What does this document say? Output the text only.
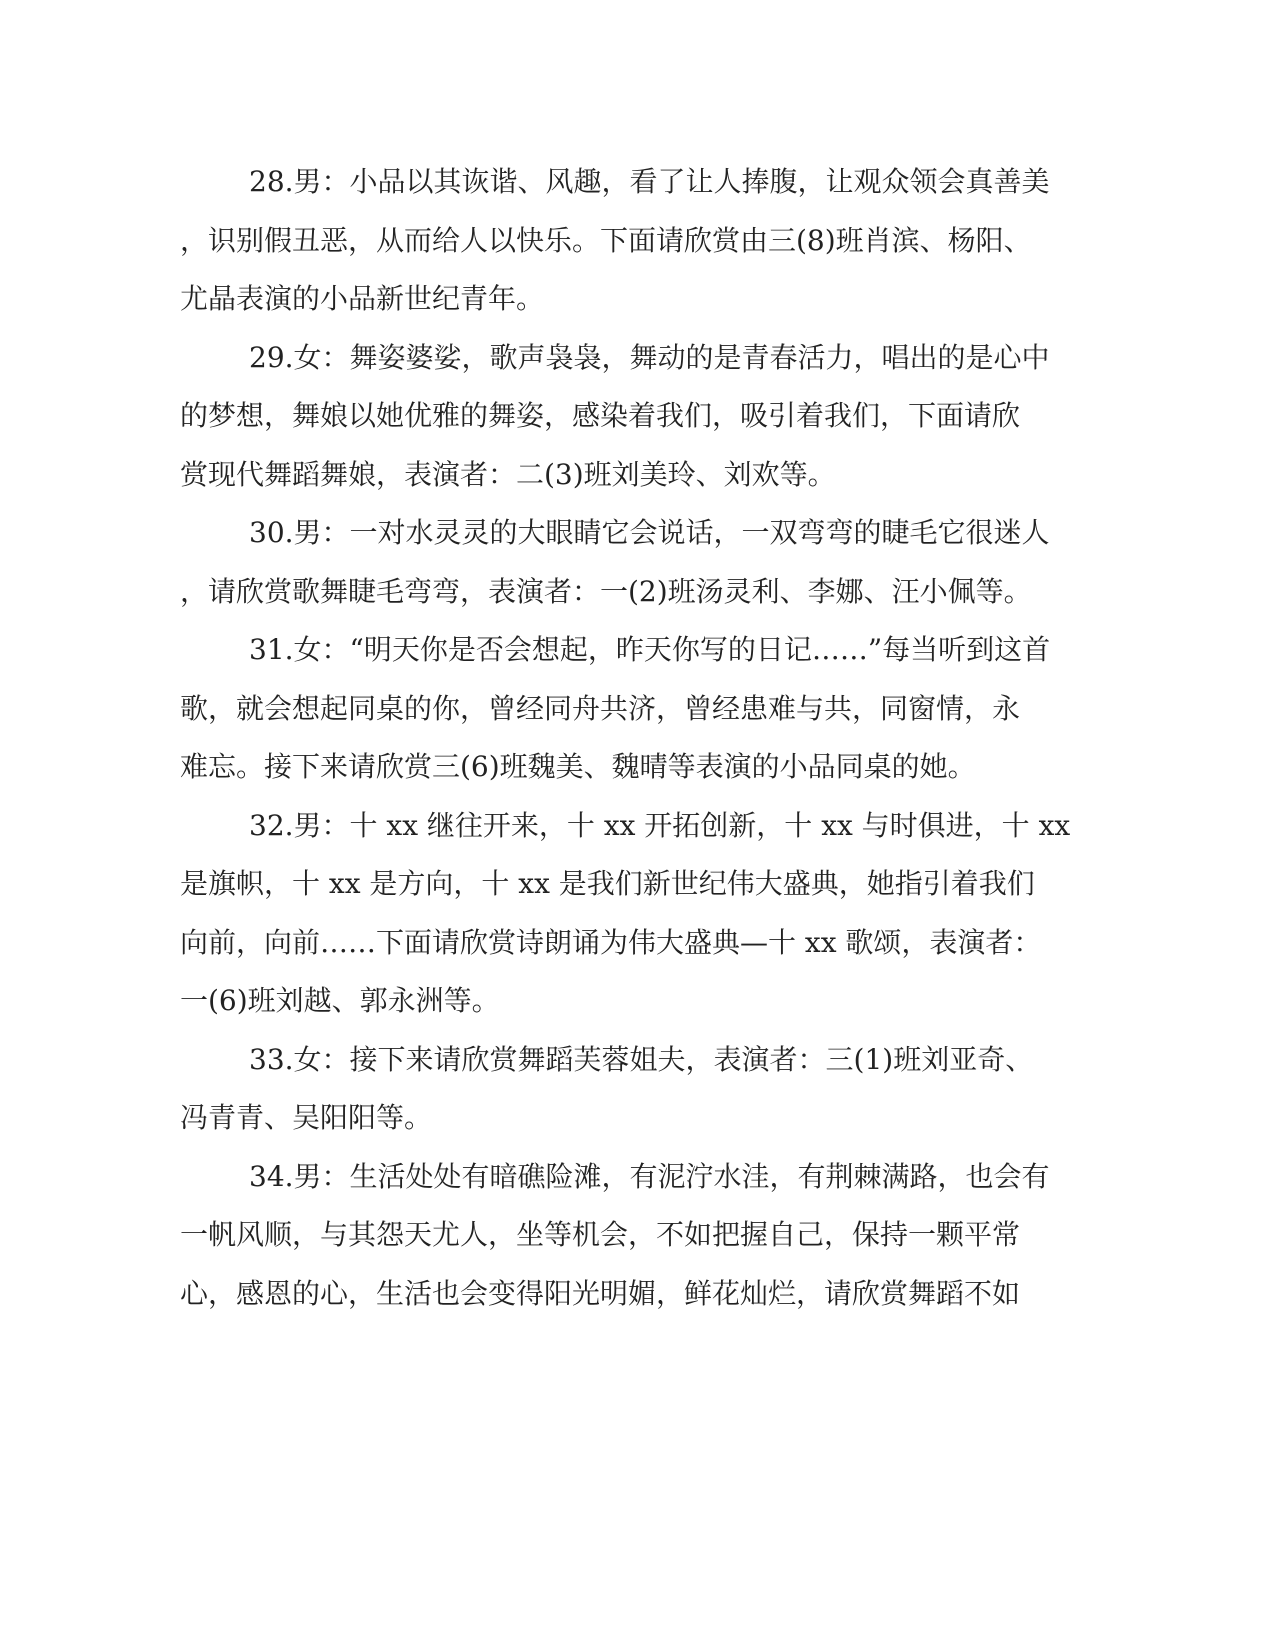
28.男：小品以其诙谐、风趣，看了让人捧腹，让观众领会真善美

，识别假丑恶，从而给人以快乐。下面请欣赏由三(8)班肖滨、杨阳、

尤晶表演的小品新世纪青年。

29.女：舞姿婆娑，歌声袅袅，舞动的是青春活力，唱出的是心中

的梦想，舞娘以她优雅的舞姿，感染着我们，吸引着我们，下面请欣

赏现代舞蹈舞娘，表演者：二(3)班刘美玲、刘欢等。

30.男：一对水灵灵的大眼睛它会说话，一双弯弯的睫毛它很迷人

，请欣赏歌舞睫毛弯弯，表演者：一(2)班汤灵利、李娜、汪小佩等。

31.女：“明天你是否会想起，昨天你写的日记……”每当听到这首

歌，就会想起同桌的你，曾经同舟共济，曾经患难与共，同窗情，永

难忘。接下来请欣赏三(6)班魏美、魏晴等表演的小品同桌的她。

32.男：十 xx 继往开来，十 xx 开拓创新，十 xx 与时俱进，十 xx

是旗帜，十 xx 是方向，十 xx 是我们新世纪伟大盛典，她指引着我们

向前，向前……下面请欣赏诗朗诵为伟大盛典—十 xx 歌颂，表演者：

一(6)班刘越、郭永洲等。

33.女：接下来请欣赏舞蹈芙蓉姐夫，表演者：三(1)班刘亚奇、

冯青青、吴阳阳等。

34.男：生活处处有暗礁险滩，有泥泞水洼，有荆棘满路，也会有

一帆风顺，与其怨天尤人，坐等机会，不如把握自己，保持一颗平常

心，感恩的心，生活也会变得阳光明媚，鲜花灿烂，请欣赏舞蹈不如
